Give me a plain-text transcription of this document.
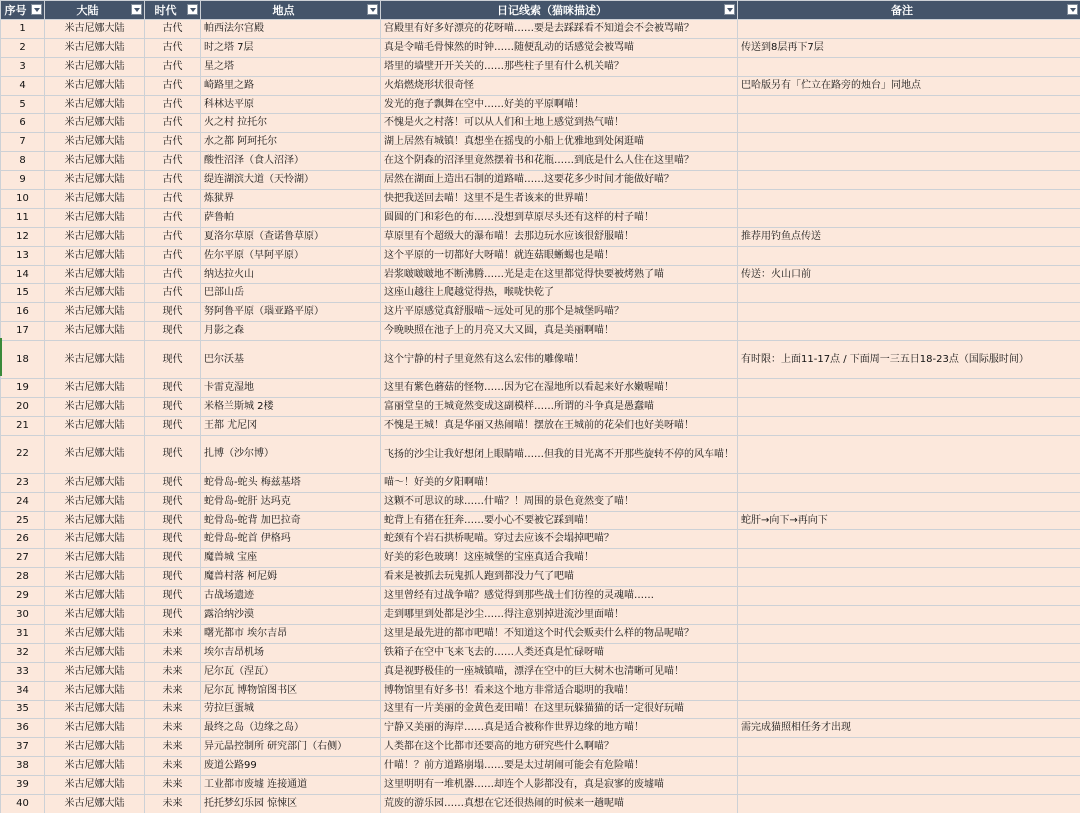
序号	大陆	时代	地点	日记线索（猫咪描述）	备注

1	米古尼娜大陆	古代	帕西法尔宫殿	宫殿里有好多好漂亮的花呀喵……要是去踩踩看不知道会不会被骂喵？	
2	米古尼娜大陆	古代	时之塔 7层	真是令喵毛骨悚然的时钟……随便乱动的话感觉会被骂喵	传送到8层再下7层
3	米古尼娜大陆	古代	星之塔	塔里的墙壁开开关关的……那些柱子里有什么机关喵？	
4	米古尼娜大陆	古代	崎路里之路	火焰燃烧形状很奇怪	巴哈版另有「伫立在路旁的烛台」同地点
5	米古尼娜大陆	古代	科林达平原	发光的孢子飘舞在空中……好美的平原啊喵！	
6	米古尼娜大陆	古代	火之村 拉托尔	不愧是火之村落！可以从人们和土地上感觉到热气喵！	
7	米古尼娜大陆	古代	水之都 阿珂托尔	湖上居然有城镇！真想坐在摇曳的小船上优雅地到处闲逛喵	
8	米古尼娜大陆	古代	酸性沼泽（食人沼泽）	在这个阴森的沼泽里竟然摆着书和花瓶……到底是什么人住在这里喵？	
9	米古尼娜大陆	古代	缇连湖滨大道（天怜湖）	居然在湖面上造出石制的道路喵……这要花多少时间才能做好喵？	
10	米古尼娜大陆	古代	炼狱界	快把我送回去喵！这里不是生者该来的世界喵！	
11	米古尼娜大陆	古代	萨鲁帕	圆圆的门和彩色的布……没想到草原尽头还有这样的村子喵！	
12	米古尼娜大陆	古代	夏洛尔草原（查诺鲁草原）	草原里有个超级大的瀑布喵！去那边玩水应该很舒服喵！	推荐用钓鱼点传送
13	米古尼娜大陆	古代	佐尔平原（早阿平原）	这个平原的一切都好大呀喵！就连菇眼蜥蜴也是喵！	
14	米古尼娜大陆	古代	纳达拉火山	岩浆啵啵啵地不断沸腾……光是走在这里都觉得快要被烤熟了喵	传送：火山口前
15	米古尼娜大陆	古代	巴部山岳	这座山越往上爬越觉得热，喉咙快乾了	
16	米古尼娜大陆	现代	努阿鲁平原（瑙亚路平原）	这片平原感觉真舒服喵～远处可见的那个是城堡吗喵？	
17	米古尼娜大陆	现代	月影之森	今晚映照在池子上的月亮又大又圆，真是美丽啊喵！	
18	米古尼娜大陆	现代	巴尔沃基	这个宁静的村子里竟然有这么宏伟的雕像喵！	有时限：上面11-17点 / 下面周一三五日18-23点（国际服时间）
19	米古尼娜大陆	现代	卡雷克湿地	这里有紫色蘑菇的怪物……因为它在湿地所以看起来好水嫩喔喵！	
20	米古尼娜大陆	现代	米格兰斯城 2楼	富丽堂皇的王城竟然变成这副模样……所谓的斗争真是愚蠢喵	
21	米古尼娜大陆	现代	王都 尤尼冈	不愧是王城！真是华丽又热闹喵！摆放在王城前的花朵们也好美呀喵！	
22	米古尼娜大陆	现代	扎博（沙尔博）	飞扬的沙尘让我好想闭上眼睛喵……但我的目光离不开那些旋转不停的风车喵！	
23	米古尼娜大陆	现代	蛇骨岛-蛇头 梅兹基塔	喵～！好美的夕阳啊喵！	
24	米古尼娜大陆	现代	蛇骨岛-蛇肝 达玛克	这颗不可思议的球……什喵？！周围的景色竟然变了喵！	
25	米古尼娜大陆	现代	蛇骨岛-蛇背 加巴拉奇	蛇背上有猪在狂奔……要小心不要被它踩到喵！	蛇肝→向下→再向下
26	米古尼娜大陆	现代	蛇骨岛-蛇首 伊格玛	蛇颈有个岩石拱桥呢喵。穿过去应该不会塌掉吧喵？	
27	米古尼娜大陆	现代	魔兽城 宝座	好美的彩色玻璃！这座城堡的宝座真适合我喵！	
28	米古尼娜大陆	现代	魔兽村落 柯尼姆	看来是被抓去玩鬼抓人跑到都没力气了吧喵	
29	米古尼娜大陆	现代	古战场遗迹	这里曾经有过战争喵？感觉得到那些战士们彷徨的灵魂喵……	
30	米古尼娜大陆	现代	露洽纳沙漠	走到哪里到处都是沙尘……得注意别掉进流沙里面喵！	
31	米古尼娜大陆	未来	曙光都市 埃尔吉昂	这里是最先进的都市吧喵！不知道这个时代会贩卖什么样的物品呢喵？	
32	米古尼娜大陆	未来	埃尔吉昂机场	铁箱子在空中飞来飞去的……人类还真是忙碌呀喵	
33	米古尼娜大陆	未来	尼尔瓦（涅瓦）	真是视野极佳的一座城镇喵，漂浮在空中的巨大树木也清晰可见喵！	
34	米古尼娜大陆	未来	尼尔瓦 博物馆图书区	博物馆里有好多书！看来这个地方非常适合聪明的我喵！	
35	米古尼娜大陆	未来	劳拉巨蛋城	这里有一片美丽的金黄色麦田喵！在这里玩躲猫猫的话一定很好玩喵	
36	米古尼娜大陆	未来	最终之岛（边缘之岛）	宁静又美丽的海岸……真是适合被称作世界边缘的地方喵！	需完成猫照相任务才出现
37	米古尼娜大陆	未来	异元晶控制所 研究部门（右侧）	人类都在这个比都市还要高的地方研究些什么啊喵？	
38	米古尼娜大陆	未来	废道公路99	什喵！？前方道路崩塌……要是太过胡闹可能会有危险喵！	
39	米古尼娜大陆	未来	工业都市废墟 连接通道	这里明明有一堆机器……却连个人影都没有，真是寂寥的废墟喵	
40	米古尼娜大陆	未来	托托梦幻乐园 惊悚区	荒废的游乐园……真想在它还很热闹的时候来一趟呢喵	
